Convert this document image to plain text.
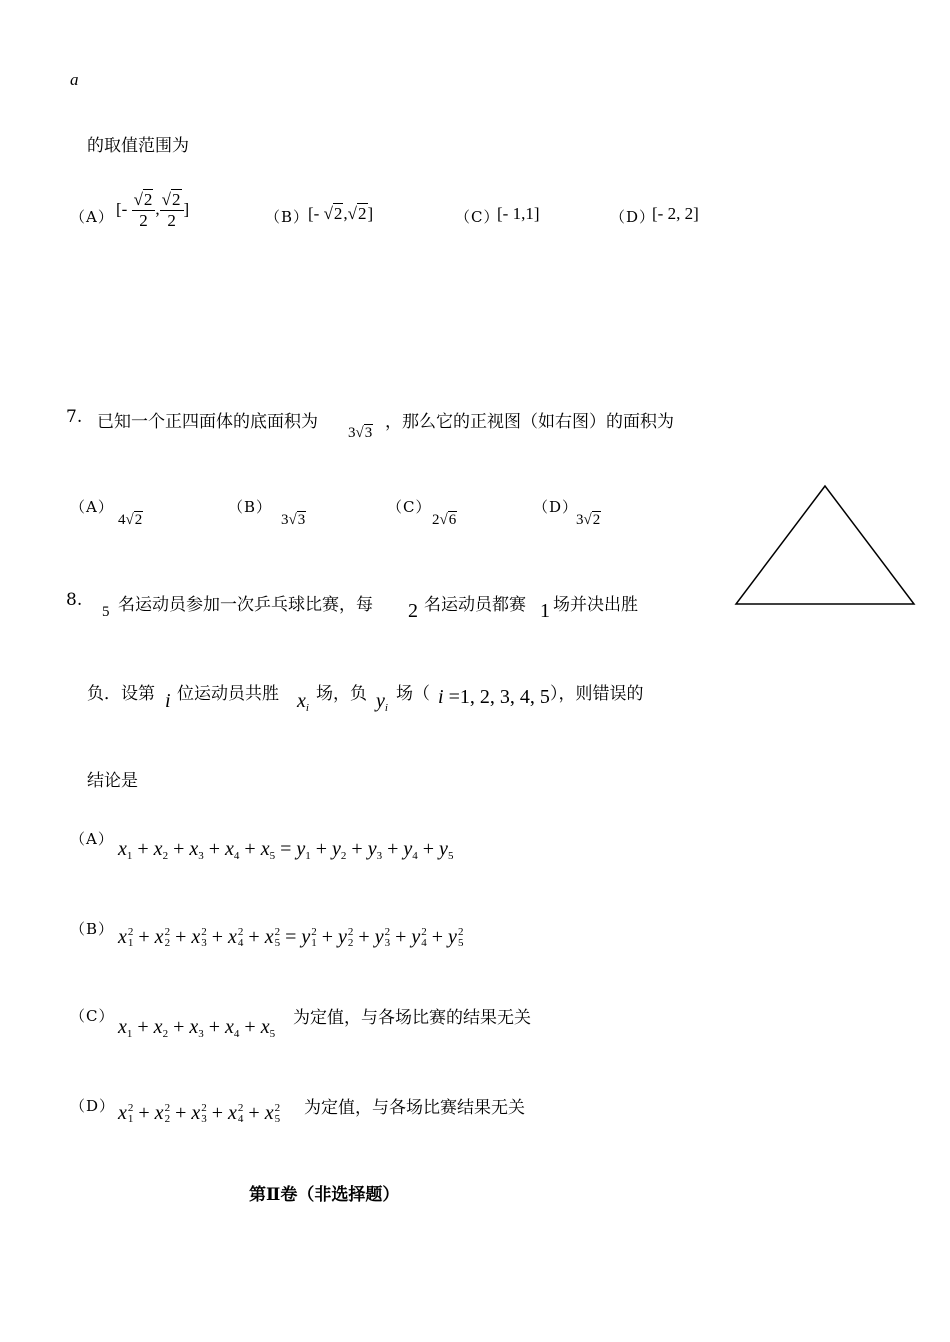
a
的取值范围为
（A） [- $\frac{√2}{2}$ , $\frac{√2}{2}$ ]	（B）
[- √2,√2]	（C）
[- 1,1]	（D）
[- 2, 2]
7. 已知一个正四面体的底面积为
3√3
，那么它的正视图（如右图）的面积为
（A）
4√2
（B）
3√3
（C）
2√6
（D）
3√2
8.
5 名运动员参加一次乒乓球比赛，每 2 名运动员都赛 1 场并决出胜
负．设第 i 位运动员共胜 $x_i$
场，负 $y_i$
场（ i =1, 2, 3, 4, 5 ），则错误的
结论是
（A） $x_1 + x_2 + x_3 + x_4 + x_5 = y_1 + y_2 + y_3 + y_4 + y_5$
（B） x 2
1 + x 2
2 + x 2
3 + x 2
4 + x 2
5 = y 2
1 + y 2
2 + y 2
3 + y 2
4 + y 2
5
（C） $x_1 + x_2 + x_3 + x_4 + x_5$
为定值，与各场比赛的结果无关
（D） x 2
1 + x 2
2 + x 2
3 + x 2
4 + x 2
5
为定值，与各场比赛结果无关
第Ⅱ卷（非选择题）
